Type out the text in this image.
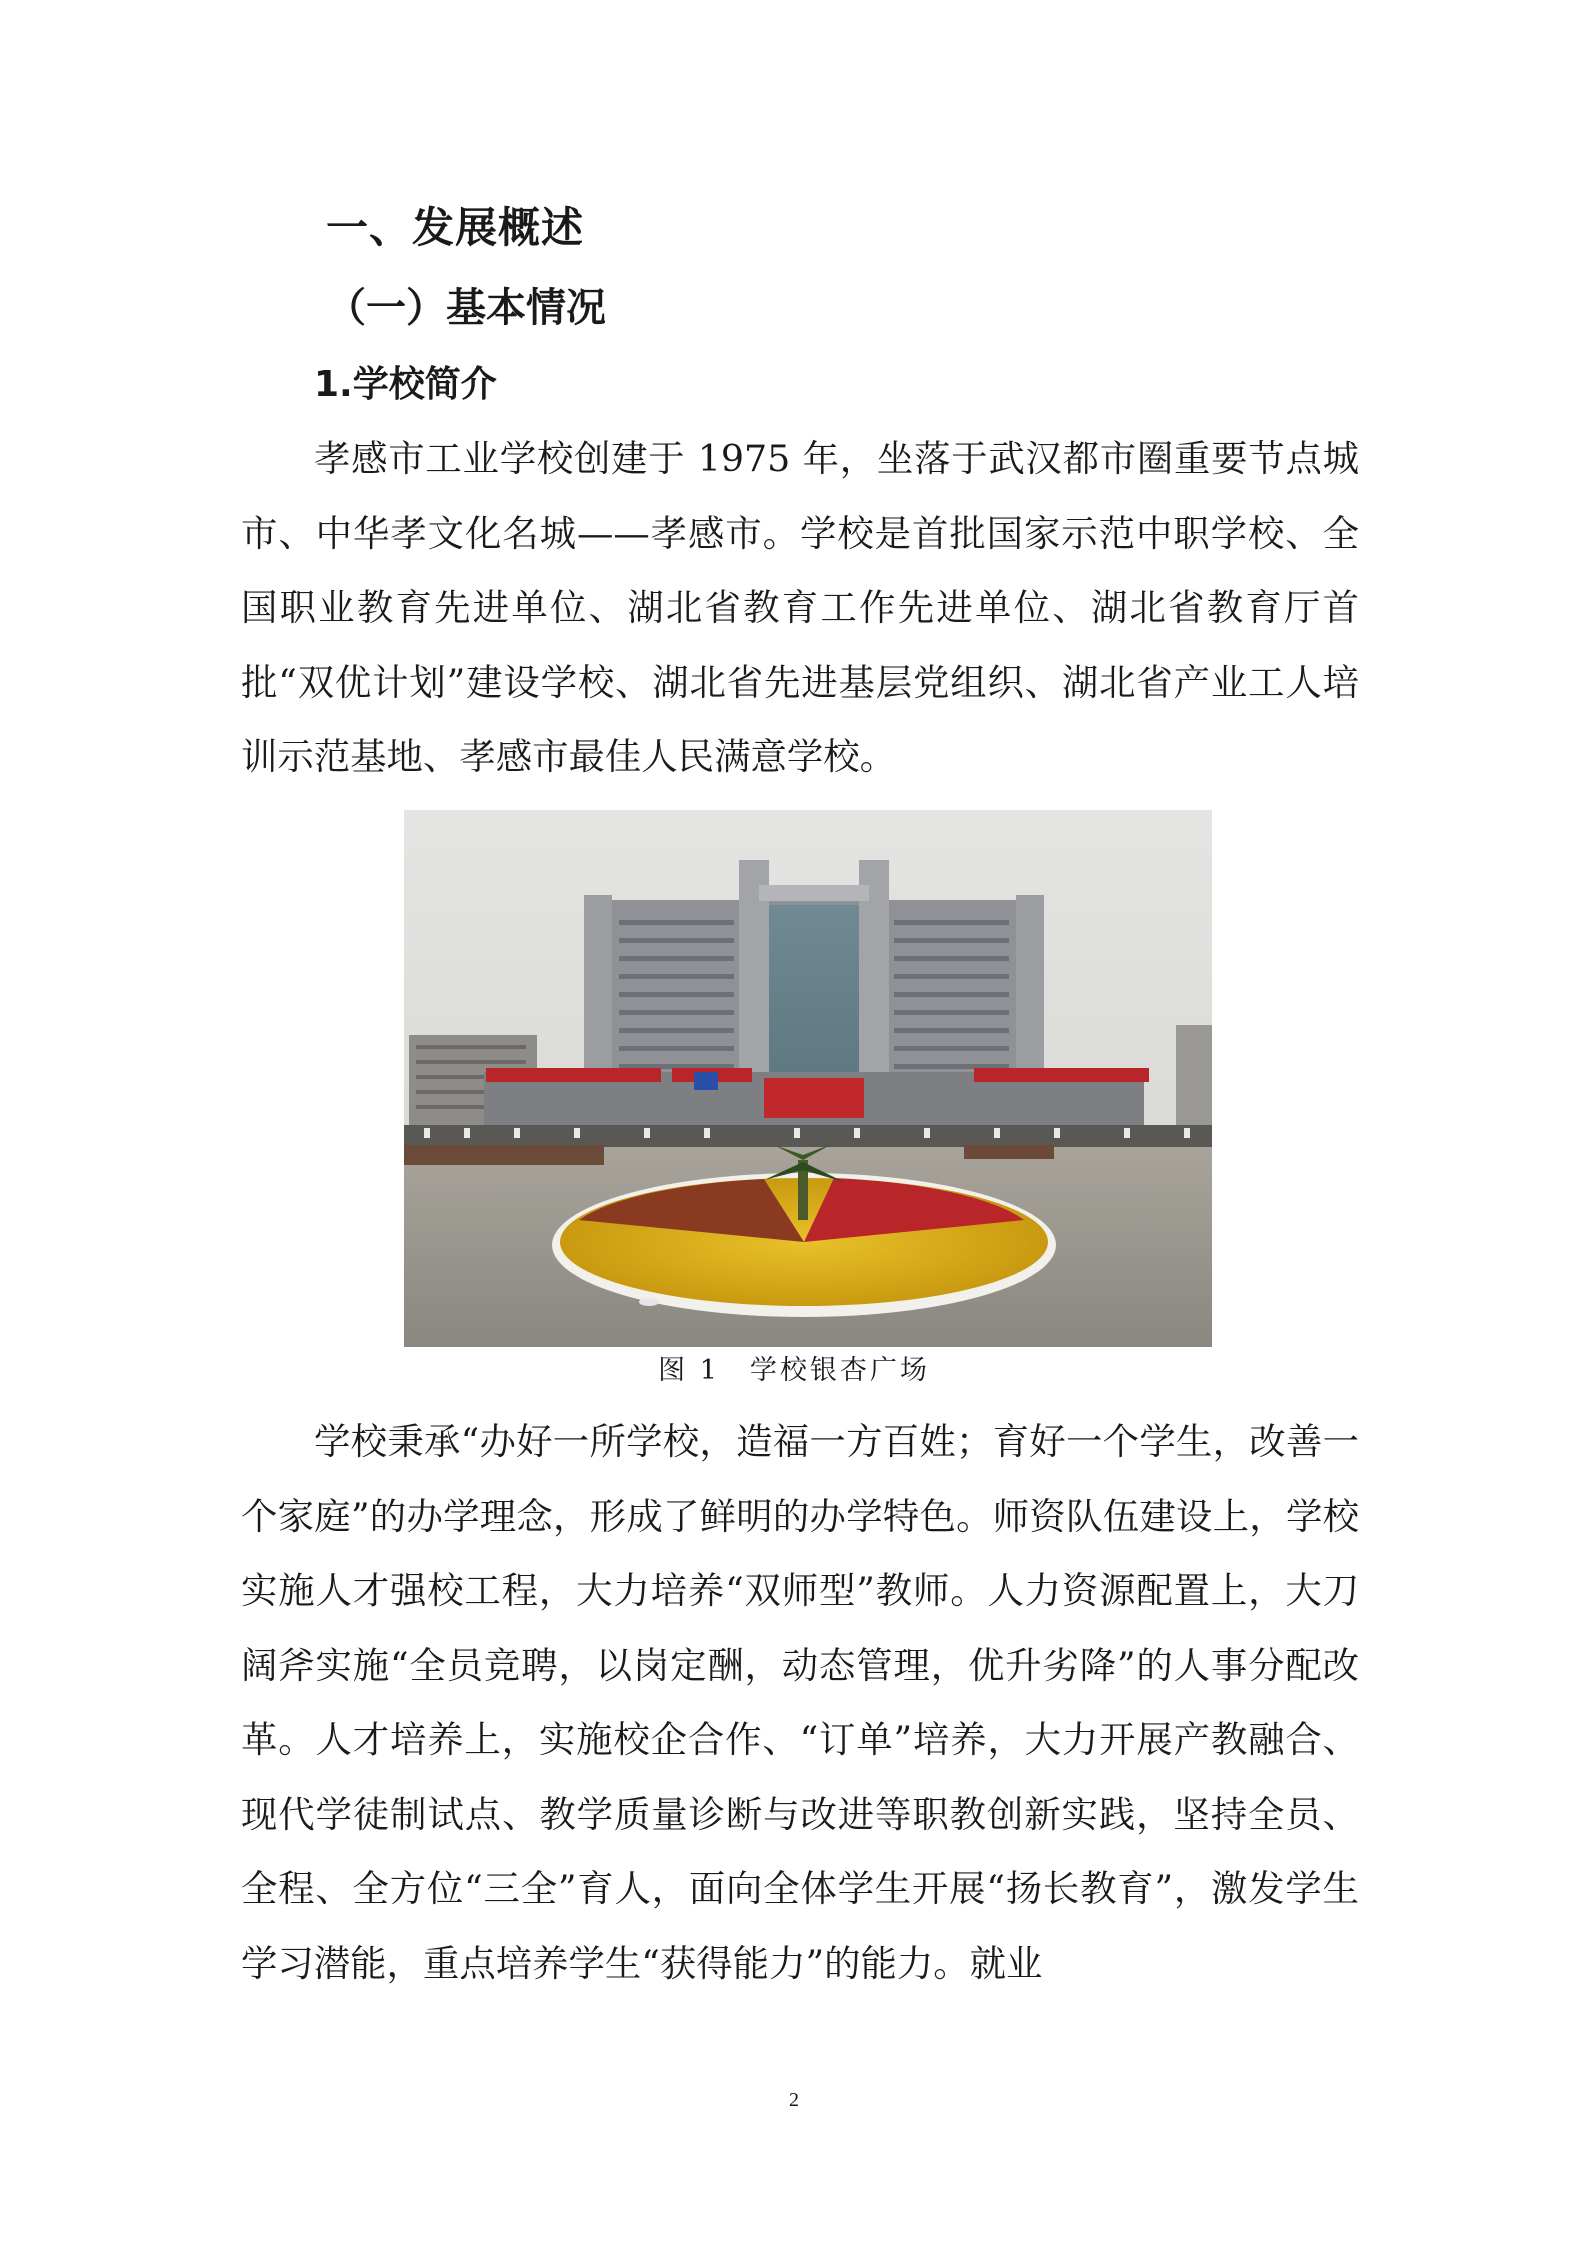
一、发展概述
（一）基本情况
1.学校简介

孝感市工业学校创建于 1975 年，坐落于武汉都市圈重要节点城市、中华孝文化名城——孝感市。学校是首批国家示范中职学校、全国职业教育先进单位、湖北省教育工作先进单位、湖北省教育厅首批“双优计划”建设学校、湖北省先进基层党组织、湖北省产业工人培训示范基地、孝感市最佳人民满意学校。

图 1　学校银杏广场

学校秉承“办好一所学校，造福一方百姓；育好一个学生，改善一个家庭”的办学理念，形成了鲜明的办学特色。师资队伍建设上，学校实施人才强校工程，大力培养“双师型”教师。人力资源配置上，大刀阔斧实施“全员竞聘，以岗定酬，动态管理，优升劣降”的人事分配改革。人才培养上，实施校企合作、“订单”培养，大力开展产教融合、现代学徒制试点、教学质量诊断与改进等职教创新实践，坚持全员、全程、全方位“三全”育人，面向全体学生开展“扬长教育”，激发学生学习潜能，重点培养学生“获得能力”的能力。就业

2
